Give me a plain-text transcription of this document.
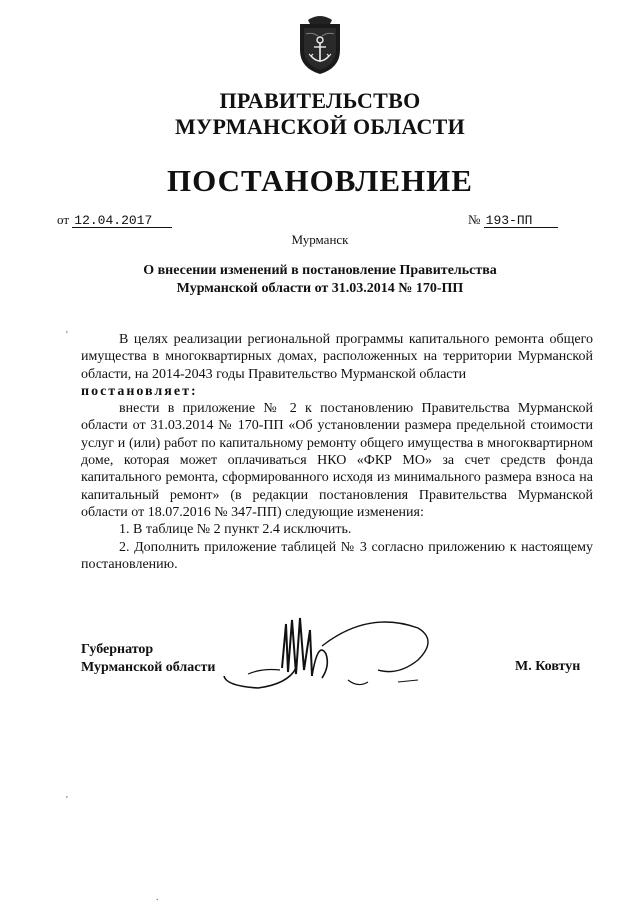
ПРАВИТЕЛЬСТВО
МУРМАНСКОЙ ОБЛАСТИ
ПОСТАНОВЛЕНИЕ
от 12.04.2017	№ 193-ПП
Мурманск
О внесении изменений в постановление Правительства
Мурманской области от 31.03.2014 № 170-ПП
'	В целях реализации региональной программы капитального ремонта общего имущества в многоквартирных домах, расположенных на территории Мурманской области, на 2014-2043 годы Правительство Мурманской области

постановляет:

внести в приложение № 2 к постановлению Правительства Мурманской области от 31.03.2014 № 170-ПП «Об установлении размера предельной стоимости услуг и (или) работ по капитальному ремонту общего имущества в многоквартирном доме, которая может оплачиваться НКО «ФКР МО» за счет средств фонда капитального ремонта, сформированного исходя из минимального размера взноса на капитальный ремонт» (в редакции постановления Правительства Мурманской области от 18.07.2016 № 347-ПП) следующие изменения:

1. В таблице № 2 пункт 2.4 исключить.

2. Дополнить приложение таблицей № 3 согласно приложению к настоящему постановлению.

Губернатор
Мурманской области	М. Ковтун
'
.
